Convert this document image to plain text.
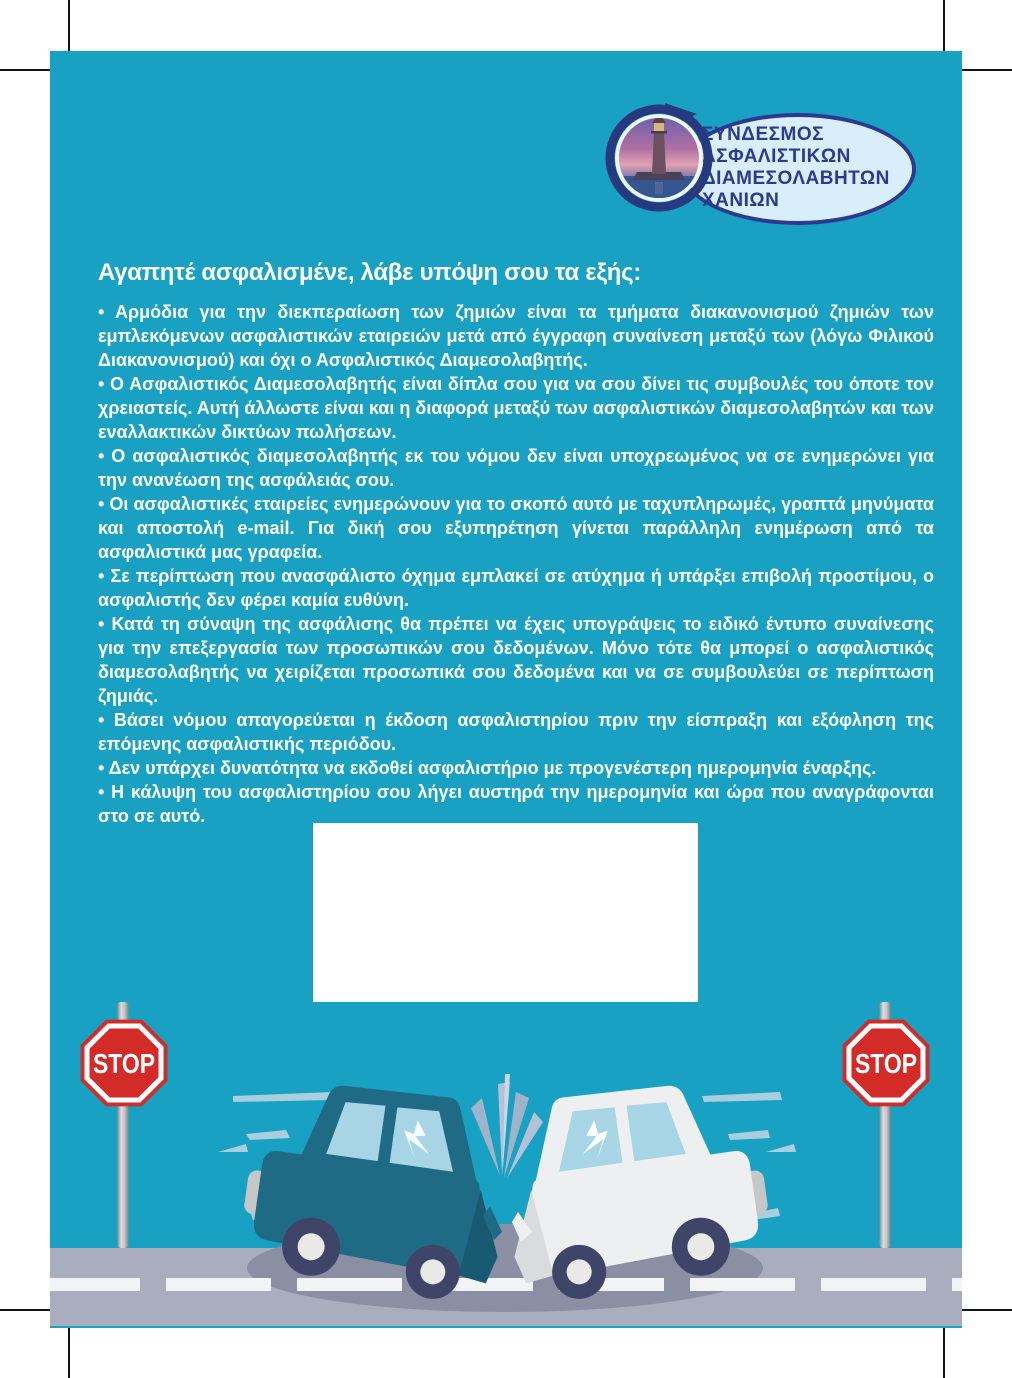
ΣΥΝΔΕΣΜΟΣ
ΑΣΦΑΛΙΣΤΙΚΩΝ
ΔΙΑΜΕΣΟΛΑΒΗΤΩΝ
ΧΑΝΙΩΝ
Αγαπητέ ασφαλισμένε, λάβε υπόψη σου τα εξής:

• Αρμόδια για την διεκπεραίωση των ζημιών είναι τα τμήματα διακανονισμού ζημιών των εμπλεκόμενων ασφαλιστικών εταιρειών μετά από έγγραφη συναίνεση μεταξύ των (λόγω Φιλικού Διακανονισμού) και όχι ο Ασφαλιστικός Διαμεσολαβητής.

• Ο Ασφαλιστικός Διαμεσολαβητής είναι δίπλα σου για να σου δίνει τις συμβουλές του όποτε τον χρειαστείς. Αυτή άλλωστε είναι και η διαφορά μεταξύ των ασφαλιστικών διαμεσολαβητών και των εναλλακτικών δικτύων πωλήσεων.

• Ο ασφαλιστικός διαμεσολαβητής εκ του νόμου δεν είναι υποχρεωμένος να σε ενημερώνει για την ανανέωση της ασφάλειάς σου.

• Οι ασφαλιστικές εταιρείες ενημερώνουν για το σκοπό αυτό με ταχυπληρωμές, γραπτά μηνύματα και αποστολή e-mail. Για δική σου εξυπηρέτηση γίνεται παράλληλη ενημέρωση από τα ασφαλιστικά μας γραφεία.

• Σε περίπτωση που ανασφάλιστο όχημα εμπλακεί σε ατύχημα ή υπάρξει επιβολή προστίμου, ο ασφαλιστής δεν φέρει καμία ευθύνη.

• Κατά τη σύναψη της ασφάλισης θα πρέπει να έχεις υπογράψεις το ειδικό έντυπο συναίνεσης για την επεξεργασία των προσωπικών σου δεδομένων. Μόνο τότε θα μπορεί ο ασφαλιστικός διαμεσολαβητής να χειρίζεται προσωπικά σου δεδομένα και να σε συμβουλεύει σε περίπτωση ζημιάς.

• Βάσει νόμου απαγορεύεται η έκδοση ασφαλιστηρίου πριν την είσπραξη και εξόφληση της επόμενης ασφαλιστικής περιόδου.

• Δεν υπάρχει δυνατότητα να εκδοθεί ασφαλιστήριο με προγενέστερη ημερομηνία έναρξης.

• Η κάλυψη του ασφαλιστηρίου σου λήγει αυστηρά την ημερομηνία και ώρα που αναγράφονται στο σε αυτό.

STOP	STOP
